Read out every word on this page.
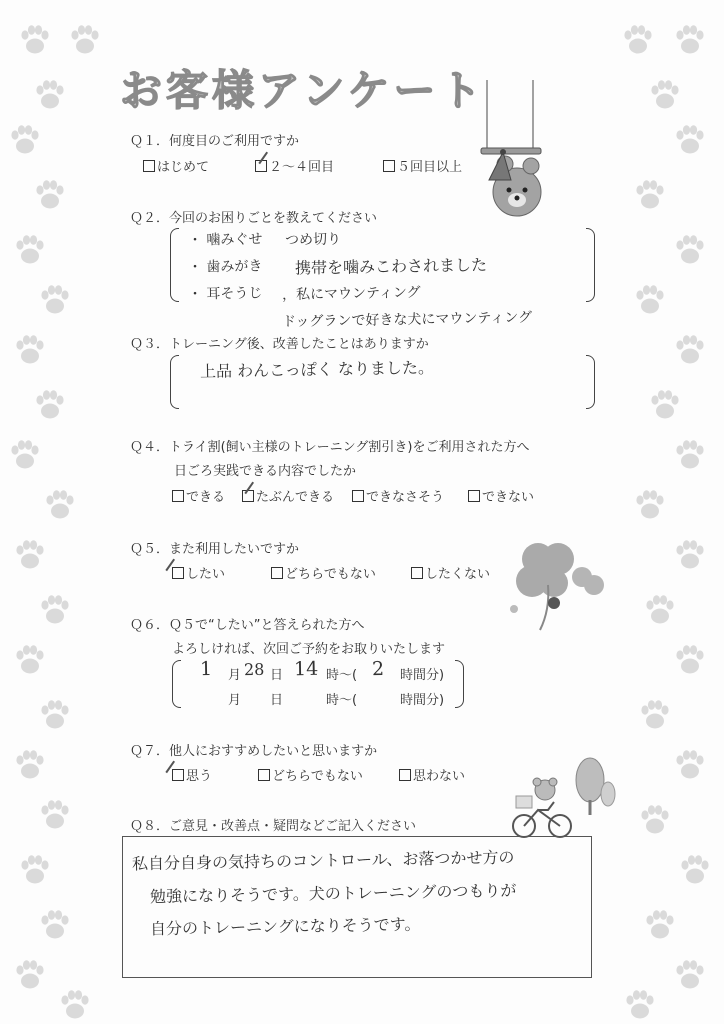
お客様アンケート
Ｑ１．何度目のご利用ですか
はじめて	２～４回目	５回目以上
Ｑ２．今回のお困りごとを教えてください
・ 噛みぐせ つめ切り
・ 歯みがき 携帯を噛みこわされました
・ 耳そうじ ，私にマウンティング
ドッグランで好きな犬にマウンティング
Ｑ３．トレーニング後、改善したことはありますか
上品 わんこっぽく なりました。
Ｑ４．トライ割(飼い主様のトレーニング割引き)をご利用された方へ
日ごろ実践できる内容でしたか
できる	たぶんできる	できなさそう	できない
Ｑ５．また利用したいですか
したい	どちらでもない	したくない
Ｑ６．Ｑ５で“したい”と答えられた方へ
よろしければ、次回ご予約をお取りいたします
1 月 28 日 14 時～( 2 時間分)
月 日	時～(	時間分)
Ｑ７．他人におすすめしたいと思いますか
思う	どちらでもない	思わない
Ｑ８．ご意見・改善点・疑問などご記入ください
私自分自身の気持ちのコントロール、お落つかせ方の
勉強になりそうです。犬のトレーニングのつもりが
自分のトレーニングになりそうです。
